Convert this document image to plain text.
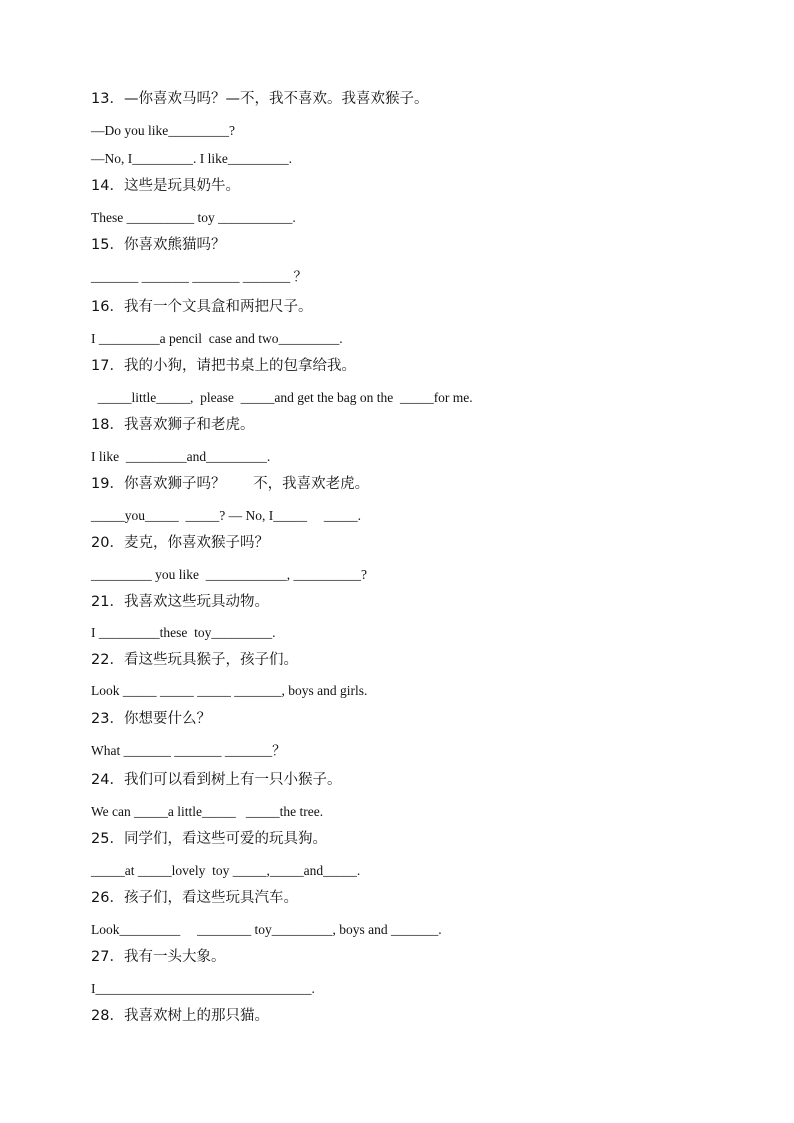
13．—你喜欢马吗？—不，我不喜欢。我喜欢猴子。
—Do you like_________?
—No, I_________. I like_________.
14．这些是玩具奶牛。
These __________ toy ___________.
15．你喜欢熊猫吗？
_______ _______ _______ _______ ？
16．我有一个文具盒和两把尺子。
I _________a pencil  case and two_________.
17．我的小狗，请把书桌上的包拿给我。
_____little_____,  please  _____and get the bag on the  _____for me.
18．我喜欢狮子和老虎。
I like  _________and_________.
19．你喜欢狮子吗？      不，我喜欢老虎。
_____you_____  _____? — No, I_____     _____.
20．麦克，你喜欢猴子吗？
_________ you like  ____________, __________?
21．我喜欢这些玩具动物。
I _________these  toy_________.
22．看这些玩具猴子，孩子们。
Look _____ _____ _____ _______, boys and girls.
23．你想要什么？
What _______ _______ _______？
24．我们可以看到树上有一只小猴子。
We can _____a little_____   _____the tree.
25．同学们，看这些可爱的玩具狗。
_____at _____lovely  toy _____,_____and_____.
26．孩子们，看这些玩具汽车。
Look_________     ________ toy_________, boys and _______.
27．我有一头大象。
I________________________________.
28．我喜欢树上的那只猫。
